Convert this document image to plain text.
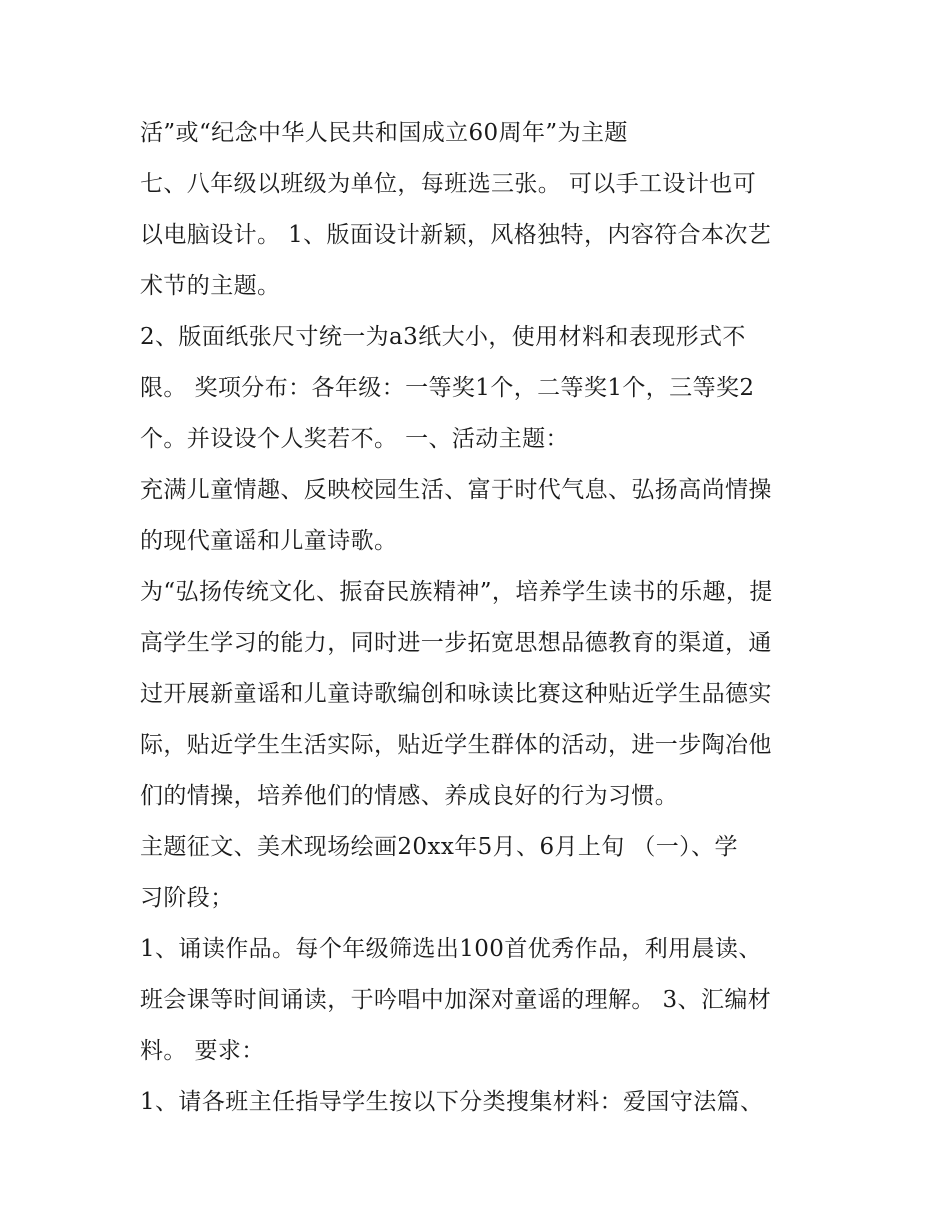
活”或“纪念中华人民共和国成立60周年”为主题

七、八年级以班级为单位，每班选三张。 可以手工设计也可

以电脑设计。 1、版面设计新颖，风格独特，内容符合本次艺

术节的主题。

2、版面纸张尺寸统一为a3纸大小，使用材料和表现形式不

限。 奖项分布：各年级：一等奖1个，二等奖1个，三等奖2

个。并设设个人奖若不。 一、活动主题：

充满儿童情趣、反映校园生活、富于时代气息、弘扬高尚情操

的现代童谣和儿童诗歌。

为“弘扬传统文化、振奋民族精神”，培养学生读书的乐趣，提

高学生学习的能力，同时进一步拓宽思想品德教育的渠道，通

过开展新童谣和儿童诗歌编创和咏读比赛这种贴近学生品德实

际，贴近学生生活实际，贴近学生群体的活动，进一步陶冶他

们的情操，培养他们的情感、养成良好的行为习惯。

主题征文、美术现场绘画20xx年5月、6月上旬 （一）、学

习阶段；

1、诵读作品。每个年级筛选出100首优秀作品，利用晨读、

班会课等时间诵读，于吟唱中加深对童谣的理解。 3、汇编材

料。 要求：

1、请各班主任指导学生按以下分类搜集材料：爱国守法篇、
